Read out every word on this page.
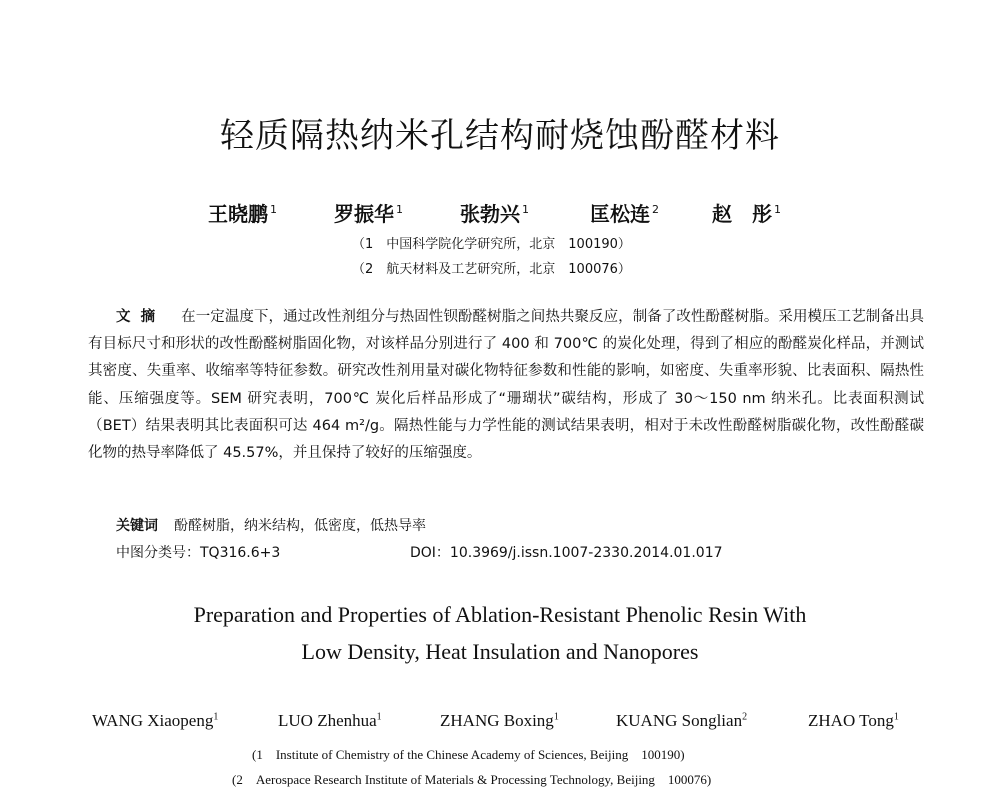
轻质隔热纳米孔结构耐烧蚀酚醛材料
王晓鹏 $^1$	罗振华 $^1$	张勃兴 $^1$	匡松连 $^2$	赵　彤 $^1$
（1　中国科学院化学研究所，北京　100190）
（2　航天材料及工艺研究所，北京　100076）
文摘 在一定温度下，通过改性剂组分与热固性钡酚醛树脂之间热共聚反应，制备了改性酚醛树脂。采用模压工艺制备出具有目标尺寸和形状的改性酚醛树脂固化物，对该样品分别进行了 400 和 700℃ 的炭化处理，得到了相应的酚醛炭化样品，并测试其密度、失重率、收缩率等特征参数。研究改性剂用量对碳化物特征参数和性能的影响，如密度、失重率形貌、比表面积、隔热性能、压缩强度等。SEM 研究表明，700℃ 炭化后样品形成了“珊瑚状”碳结构，形成了 30～150 nm 纳米孔。比表面积测试（BET）结果表明其比表面积可达 464 m²/g。隔热性能与力学性能的测试结果表明，相对于未改性酚醛树脂碳化物，改性酚醛碳化物的热导率降低了 45.57%，并且保持了较好的压缩强度。
关键词 酚醛树脂，纳米结构，低密度，低热导率
中图分类号：TQ316.6+3	DOI：10.3969/j.issn.1007-2330.2014.01.017
Preparation and Properties of Ablation-Resistant Phenolic Resin With
Low Density, Heat Insulation and Nanopores
WANG Xiaopeng$^1$	LUO Zhenhua$^1$	ZHANG Boxing$^1$	KUANG Songlian$^2$	ZHAO Tong$^1$
(1　Institute of Chemistry of the Chinese Academy of Sciences, Beijing　100190)
(2　Aerospace Research Institute of Materials & Processing Technology, Beijing　100076)
